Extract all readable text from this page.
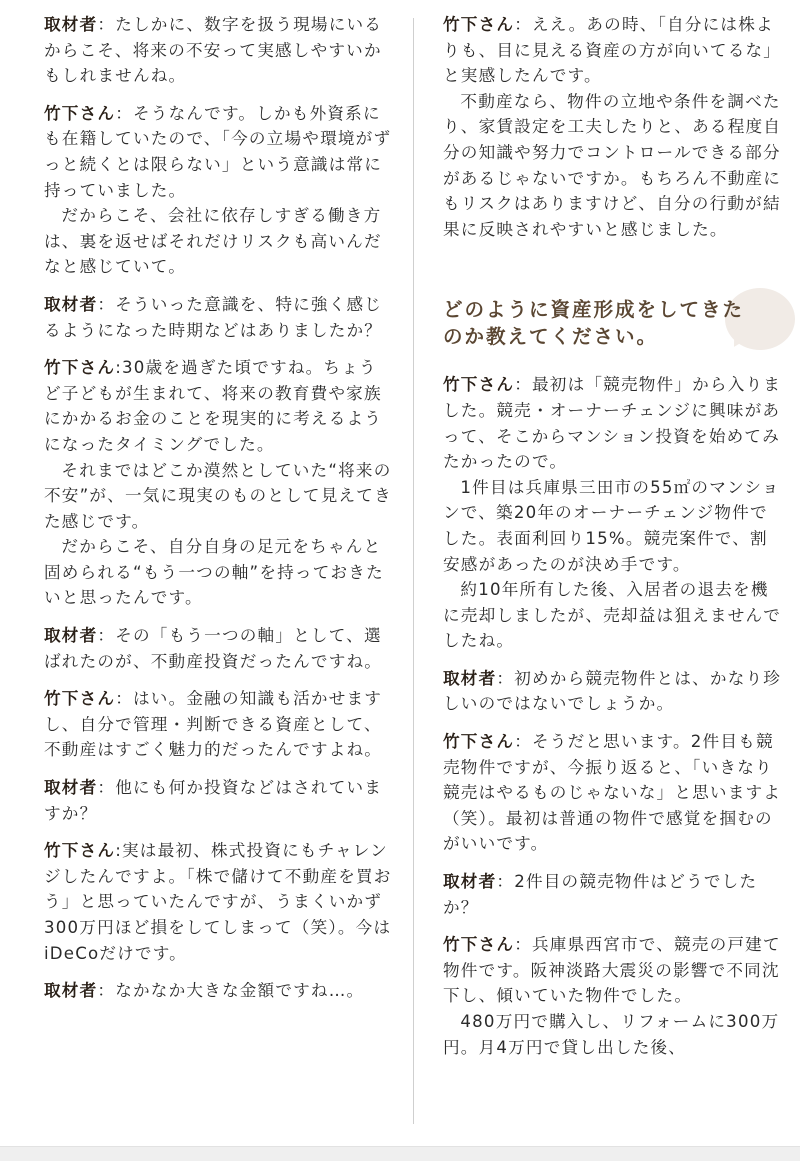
取材者：たしかに、数字を扱う現場にいるからこそ、将来の不安って実感しやすいかもしれませんね。

竹下さん：そうなんです。しかも外資系にも在籍していたので、「今の立場や環境がずっと続くとは限らない」という意識は常に持っていました。
だからこそ、会社に依存しすぎる働き方は、裏を返せばそれだけリスクも高いんだなと感じていて。

取材者：そういった意識を、特に強く感じるようになった時期などはありましたか？

竹下さん:30歳を過ぎた頃ですね。ちょうど子どもが生まれて、将来の教育費や家族にかかるお金のことを現実的に考えるようになったタイミングでした。
それまではどこか漠然としていた“将来の不安”が、一気に現実のものとして見えてきた感じです。
だからこそ、自分自身の足元をちゃんと固められる“もう一つの軸”を持っておきたいと思ったんです。

取材者：その「もう一つの軸」として、選ばれたのが、不動産投資だったんですね。

竹下さん：はい。金融の知識も活かせますし、自分で管理・判断できる資産として、不動産はすごく魅力的だったんですよね。

取材者：他にも何か投資などはされていますか？

竹下さん:実は最初、株式投資にもチャレンジしたんですよ。「株で儲けて不動産を買おう」と思っていたんですが、うまくいかず300万円ほど損をしてしまって（笑）。今はiDeCoだけです。

取材者：なかなか大きな金額ですね…。

竹下さん：ええ。あの時、「自分には株よりも、目に見える資産の方が向いてるな」と実感したんです。
不動産なら、物件の立地や条件を調べたり、家賃設定を工夫したりと、ある程度自分の知識や努力でコントロールできる部分があるじゃないですか。もちろん不動産にもリスクはありますけど、自分の行動が結果に反映されやすいと感じました。

どのように資産形成をしてきた
のか教えてください。

竹下さん：最初は「競売物件」から入りました。競売・オーナーチェンジに興味があって、そこからマンション投資を始めてみたかったので。
1件目は兵庫県三田市の55㎡のマンションで、築20年のオーナーチェンジ物件でした。表面利回り15%。競売案件で、割安感があったのが決め手です。
約10年所有した後、入居者の退去を機に売却しましたが、売却益は狙えませんでしたね。

取材者：初めから競売物件とは、かなり珍しいのではないでしょうか。

竹下さん：そうだと思います。2件目も競売物件ですが、今振り返ると、「いきなり競売はやるものじゃないな」と思いますよ（笑）。最初は普通の物件で感覚を掴むのがいいです。

取材者：2件目の競売物件はどうでしたか？

竹下さん：兵庫県西宮市で、競売の戸建て物件です。阪神淡路大震災の影響で不同沈下し、傾いていた物件でした。
480万円で購入し、リフォームに300万円。月4万円で貸し出した後、
